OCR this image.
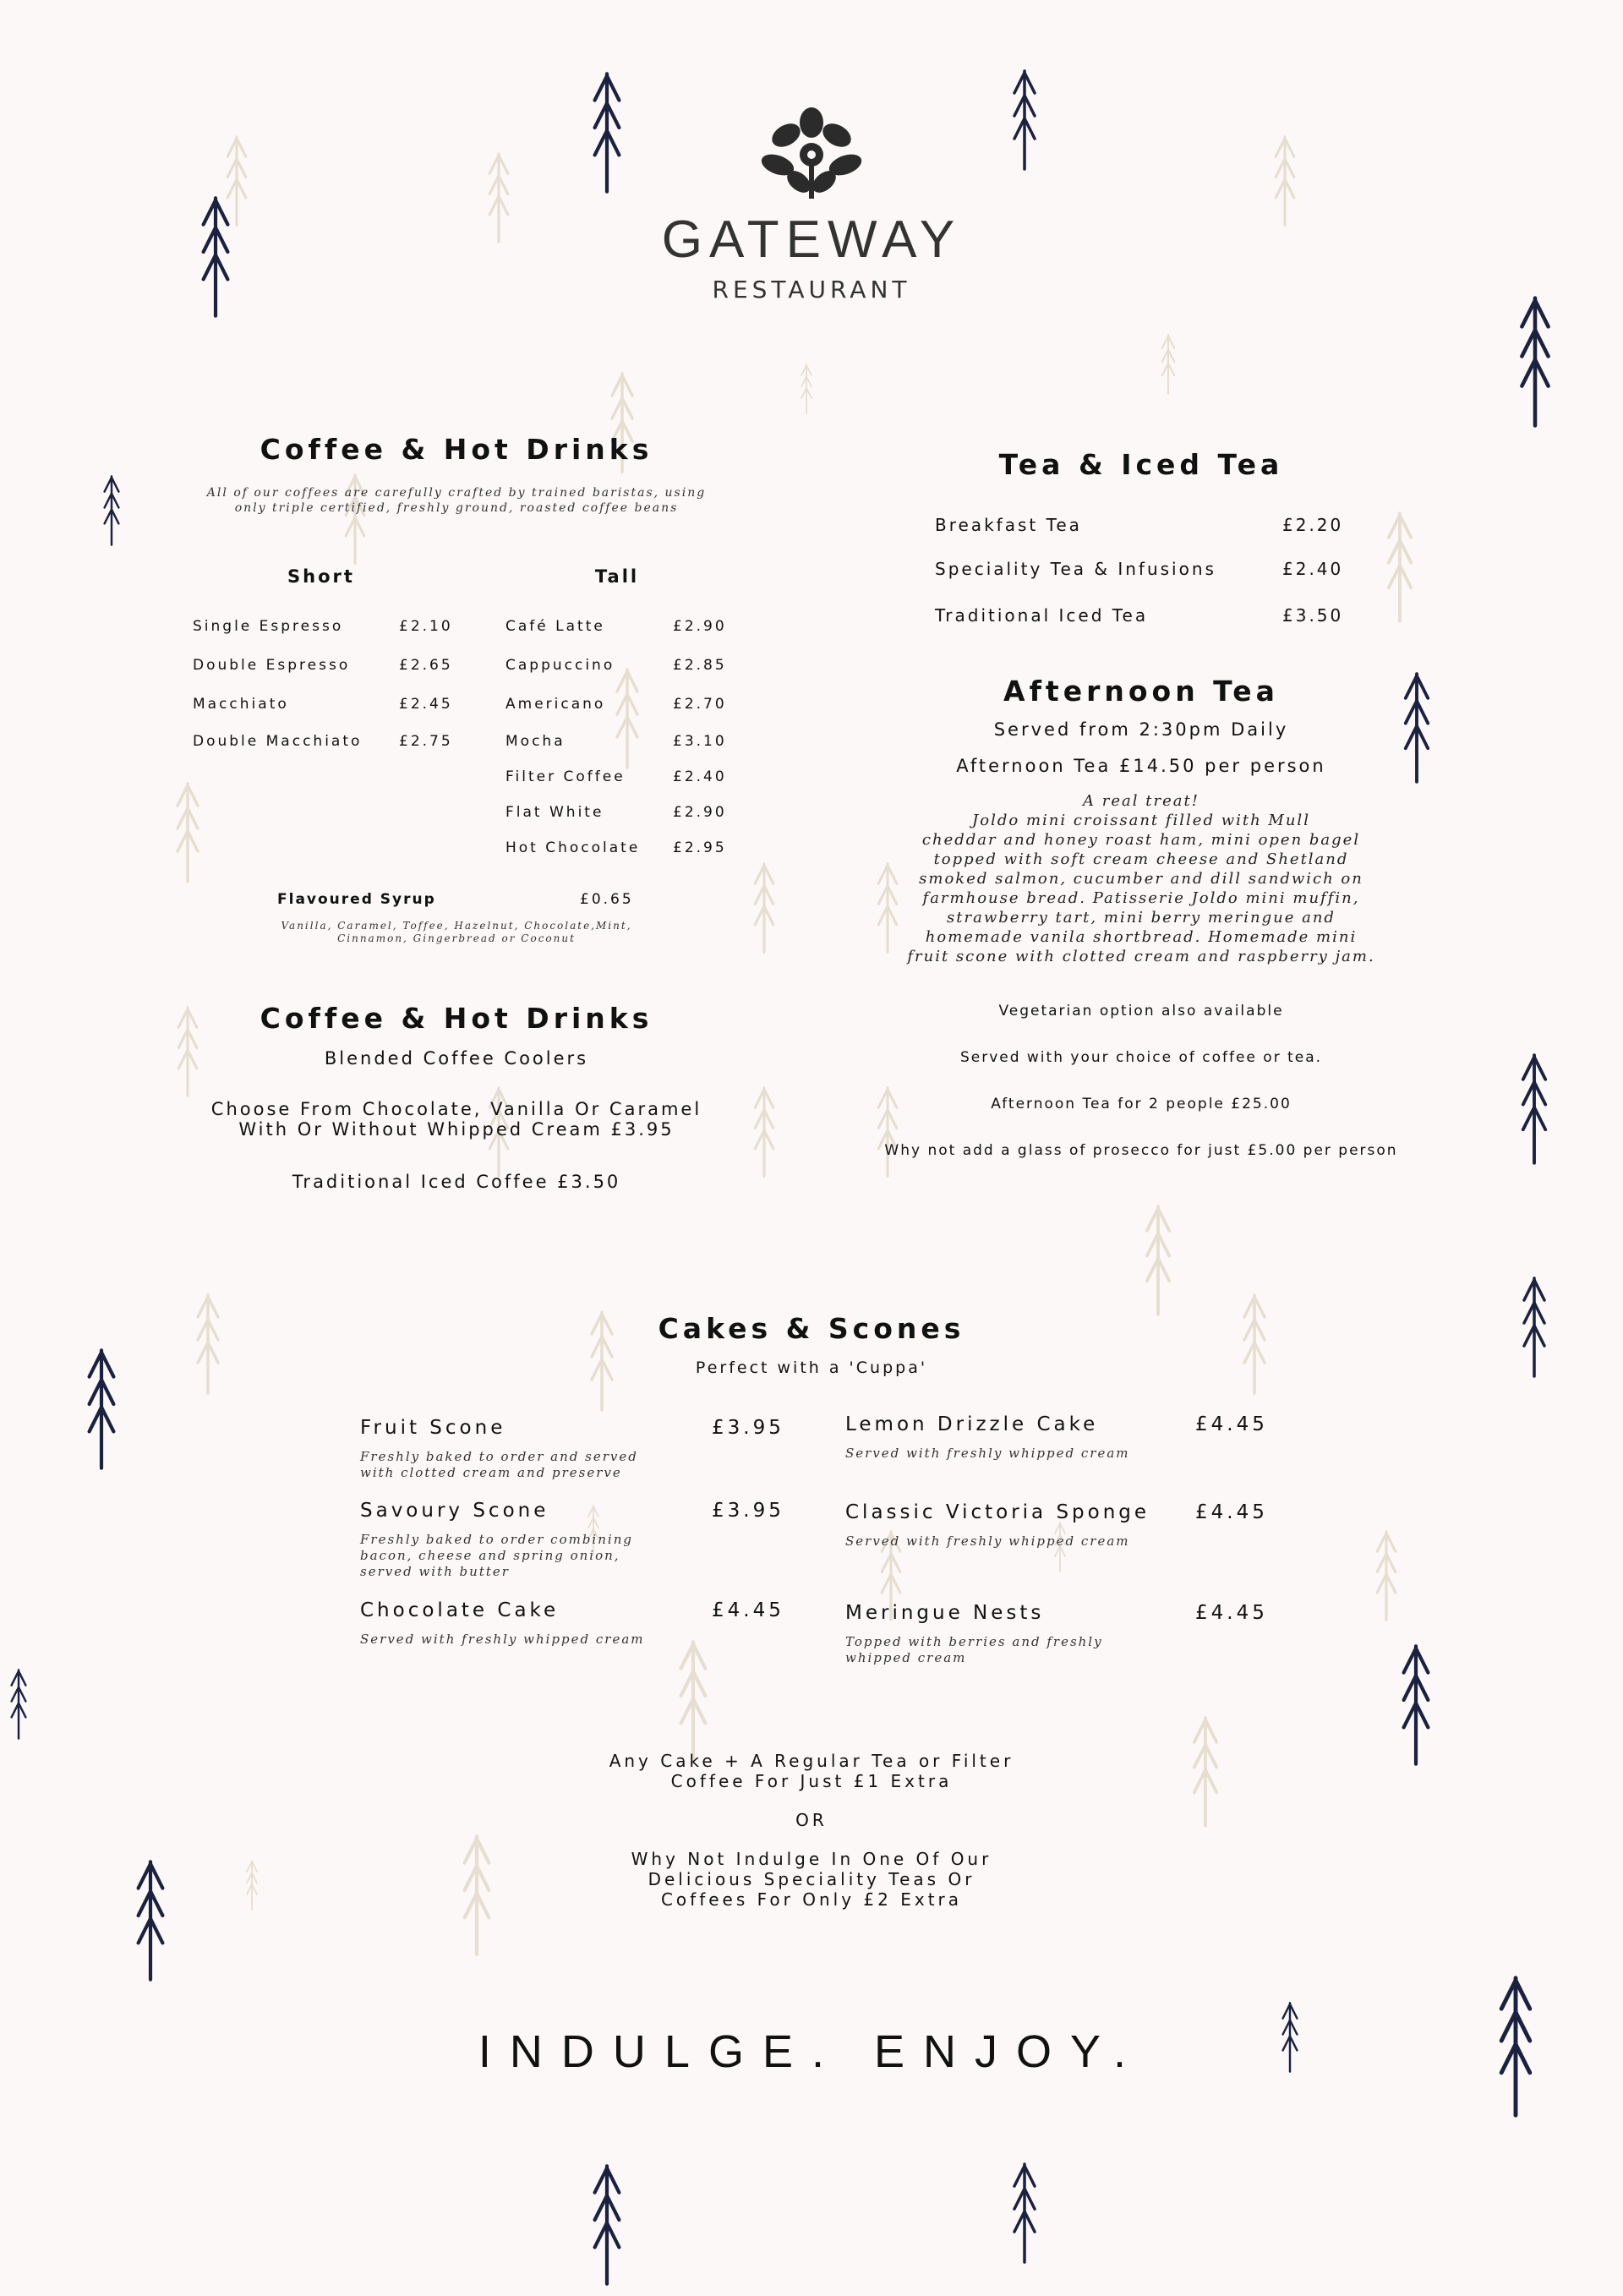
GATEWAY
RESTAURANT
Coffee & Hot Drinks
All of our coffees are carefully crafted by trained baristas, using only triple certified, freshly ground, roasted coffee beans
Short	Tall
Single Espresso	£2.10
Double Espresso	£2.65
Macchiato	£2.45
Double Macchiato	£2.75
Café Latte	£2.90
Cappuccino	£2.85
Americano	£2.70
Mocha	£3.10
Filter Coffee	£2.40
Flat White	£2.90
Hot Chocolate £2.95
Flavoured Syrup	£0.65
Vanilla, Caramel, Toffee, Hazelnut, Chocolate,Mint, Cinnamon, Gingerbread or Coconut
Coffee & Hot Drinks
Blended Coffee Coolers
Choose From Chocolate, Vanilla Or Caramel
With Or Without Whipped Cream £3.95
Traditional Iced Coffee £3.50
Tea & Iced Tea
Breakfast Tea	£2.20
Speciality Tea & Infusions	£2.40
Traditional Iced Tea	£3.50
Afternoon Tea
Served from 2:30pm Daily
Afternoon Tea £14.50 per person
A real treat!
Joldo mini croissant filled with Mull
cheddar and honey roast ham, mini open bagel
topped with soft cream cheese and Shetland
smoked salmon, cucumber and dill sandwich on
farmhouse bread. Patisserie Joldo mini muffin,
strawberry tart, mini berry meringue and
homemade vanila shortbread. Homemade mini
fruit scone with clotted cream and raspberry jam.
Vegetarian option also available
Served with your choice of coffee or tea.
Afternoon Tea for 2 people £25.00
Why not add a glass of prosecco for just £5.00 per person
Cakes & Scones
Perfect with a 'Cuppa'
Fruit Scone	£3.95
Freshly baked to order and served
with clotted cream and preserve
Savoury Scone	£3.95
Freshly baked to order combining
bacon, cheese and spring onion,
served with butter
Chocolate Cake	£4.45
Served with freshly whipped cream
Lemon Drizzle Cake	£4.45
Served with freshly whipped cream
Classic Victoria Sponge £4.45
Served with freshly whipped cream
Meringue Nests	£4.45
Topped with berries and freshly
whipped cream
Any Cake + A Regular Tea or Filter
Coffee For Just £1 Extra
OR
Why Not Indulge In One Of Our
Delicious Speciality Teas Or
Coffees For Only £2 Extra
INDULGE. ENJOY.
